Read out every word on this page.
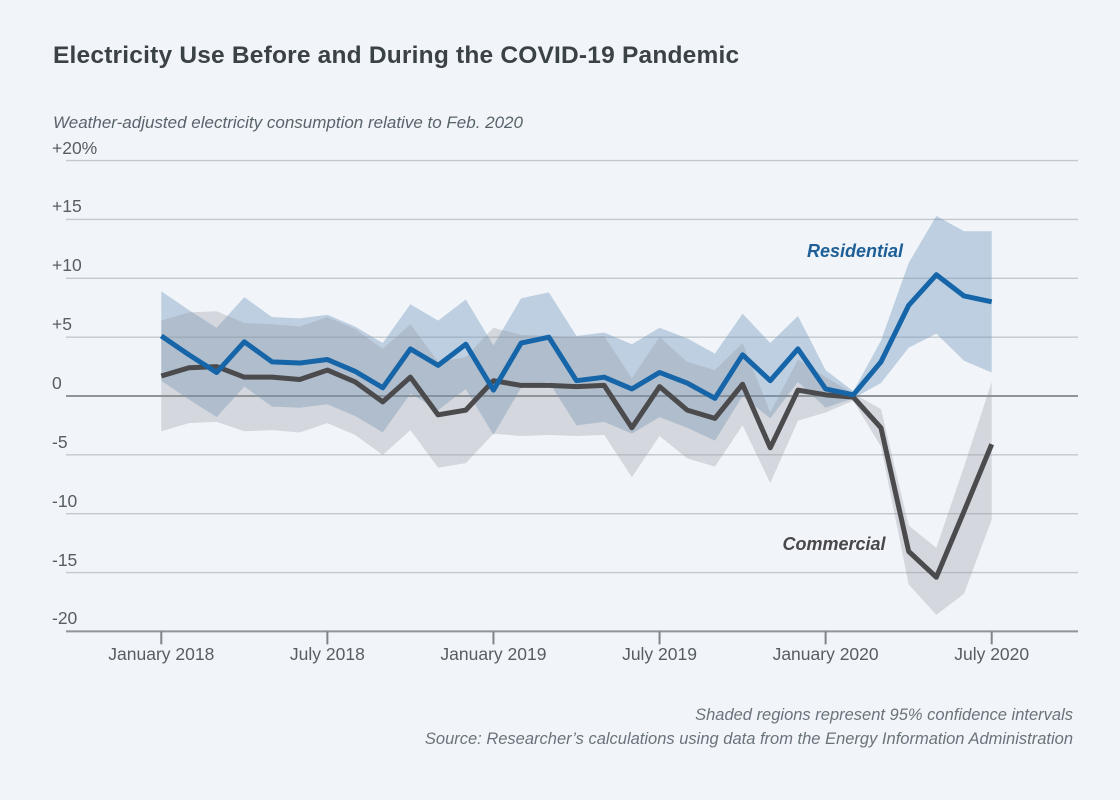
Electricity Use Before and During the COVID-19 Pandemic
Weather-adjusted electricity consumption relative to Feb. 2020
+20%
+15
+10
+5
0
-5
-10
-15
-20
January 2018	July 2018	January 2019	July 2019	January 2020	July 2020
Residential
Commercial
Shaded regions represent 95% confidence intervals
Source: Researcher’s calculations using data from the Energy Information Administration
